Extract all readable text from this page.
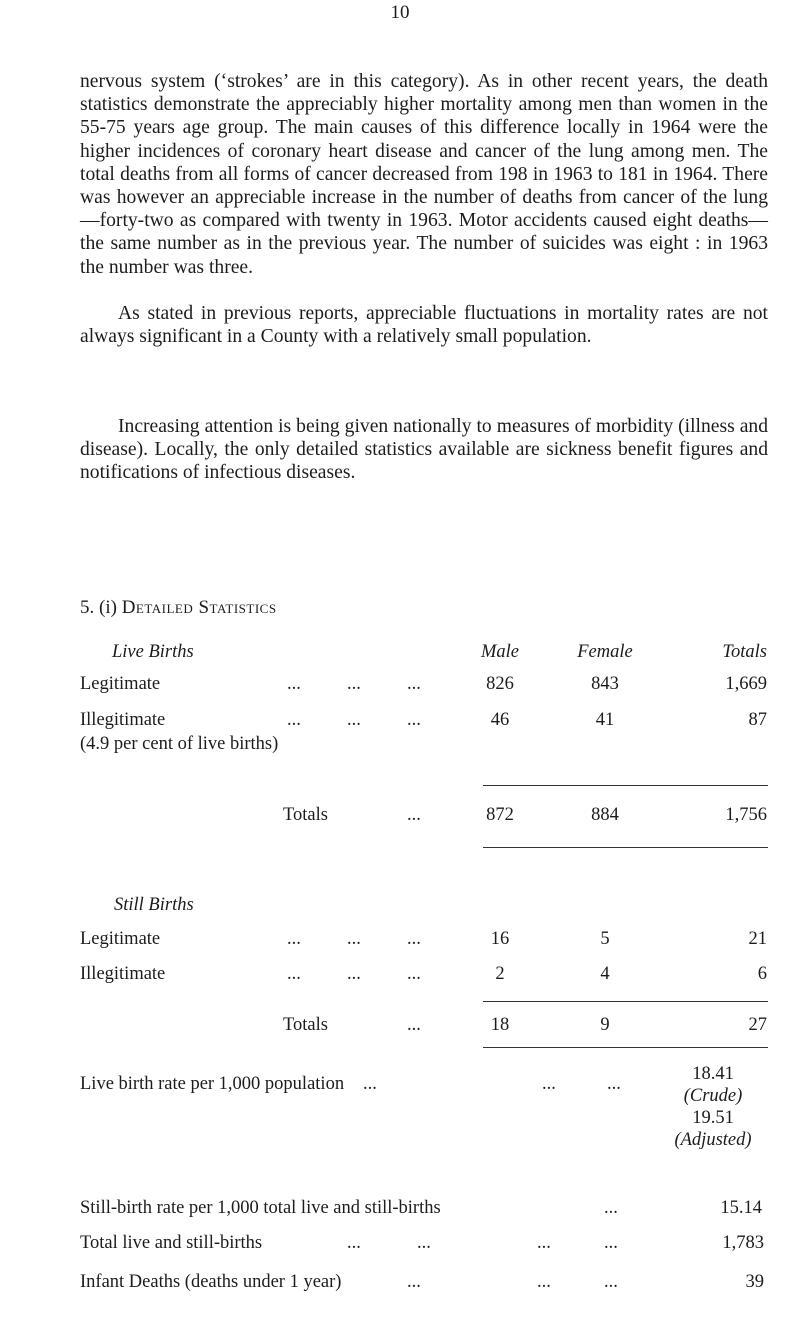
10

nervous system (‘strokes’ are in this category). As in other recent years, the death statistics demonstrate the appreciably higher mortality among men than women in the 55-75 years age group. The main causes of this difference locally in 1964 were the higher incidences of coronary heart disease and cancer of the lung among men. The total deaths from all forms of cancer decreased from 198 in 1963 to 181 in 1964. There was however an appreciable increase in the number of deaths from cancer of the lung—forty-two as compared with twenty in 1963. Motor accidents caused eight deaths—the same number as in the previous year. The number of suicides was eight : in 1963 the number was three.

As stated in previous reports, appreciable fluctuations in mortality rates are not always significant in a County with a relatively small population.

Increasing attention is being given nationally to measures of morbidity (illness and disease). Locally, the only detailed statistics available are sickness benefit figures and notifications of infectious diseases.

5. (i) Detailed Statistics
Live Births	Male	Female	Totals
Legitimate	... ... ...	826	843	1,669
Illegitimate	... ... ...	46	41	87
(4.9 per cent of live births)
Totals	...	872	884	1,756
Still Births
Legitimate	... ... ...	16	5	21
Illegitimate	... ... ...	2	4	6
Totals	...	18	9	27
Live birth rate per 1,000 population ...	...	...	18.41
(Crude)
19.51
(Adjusted)
Still-birth rate per 1,000 total live and still-births	...	15.14
Total live and still-births	...	...	...	...	1,783
Infant Deaths (deaths under 1 year)	...	...	...	39
